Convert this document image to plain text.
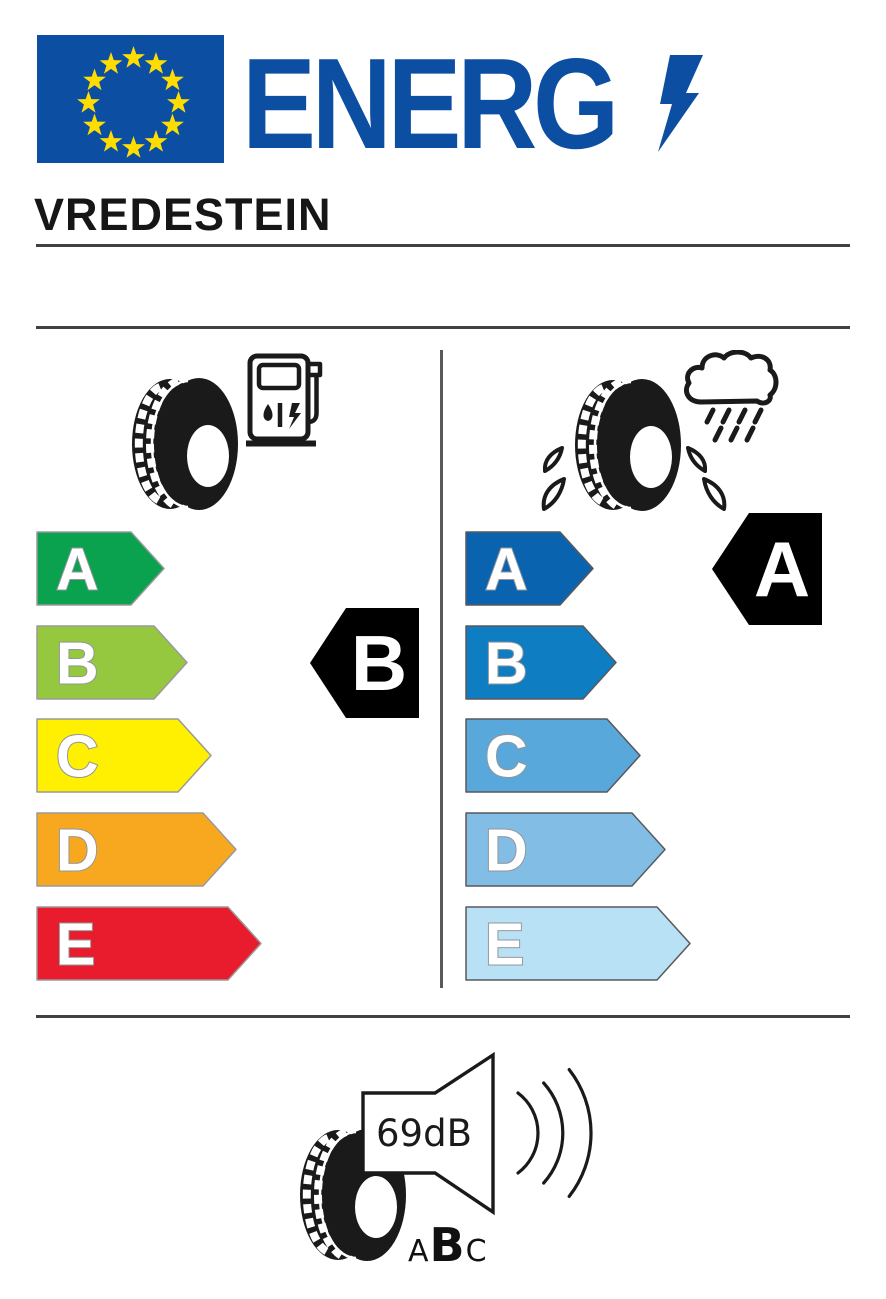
ENERG
VREDESTEIN
A
B
C
D
E
A
B
C
D
E
B
A
69dB
A B C
